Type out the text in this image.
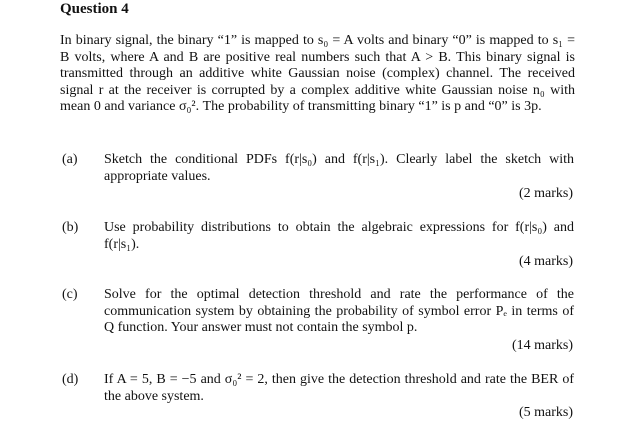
Question 4
In binary signal, the binary “1” is mapped to s₀ = A volts and binary “0” is mapped to s₁ = B volts, where A and B are positive real numbers such that A > B. This binary signal is transmitted through an additive white Gaussian noise (complex) channel. The received signal r at the receiver is corrupted by a complex additive white Gaussian noise n₀ with mean 0 and variance σ₀². The probability of transmitting binary “1” is p and “0” is 3p.
(a) Sketch the conditional PDFs f(r|s₀) and f(r|s₁). Clearly label the sketch with appropriate values.
(2 marks)
(b) Use probability distributions to obtain the algebraic expressions for f(r|s₀) and f(r|s₁).
(4 marks)
(c) Solve for the optimal detection threshold and rate the performance of the communication system by obtaining the probability of symbol error Pₑ in terms of Q function. Your answer must not contain the symbol p.
(14 marks)
(d) If A = 5, B = −5 and σ₀² = 2, then give the detection threshold and rate the BER of the above system.
(5 marks)
